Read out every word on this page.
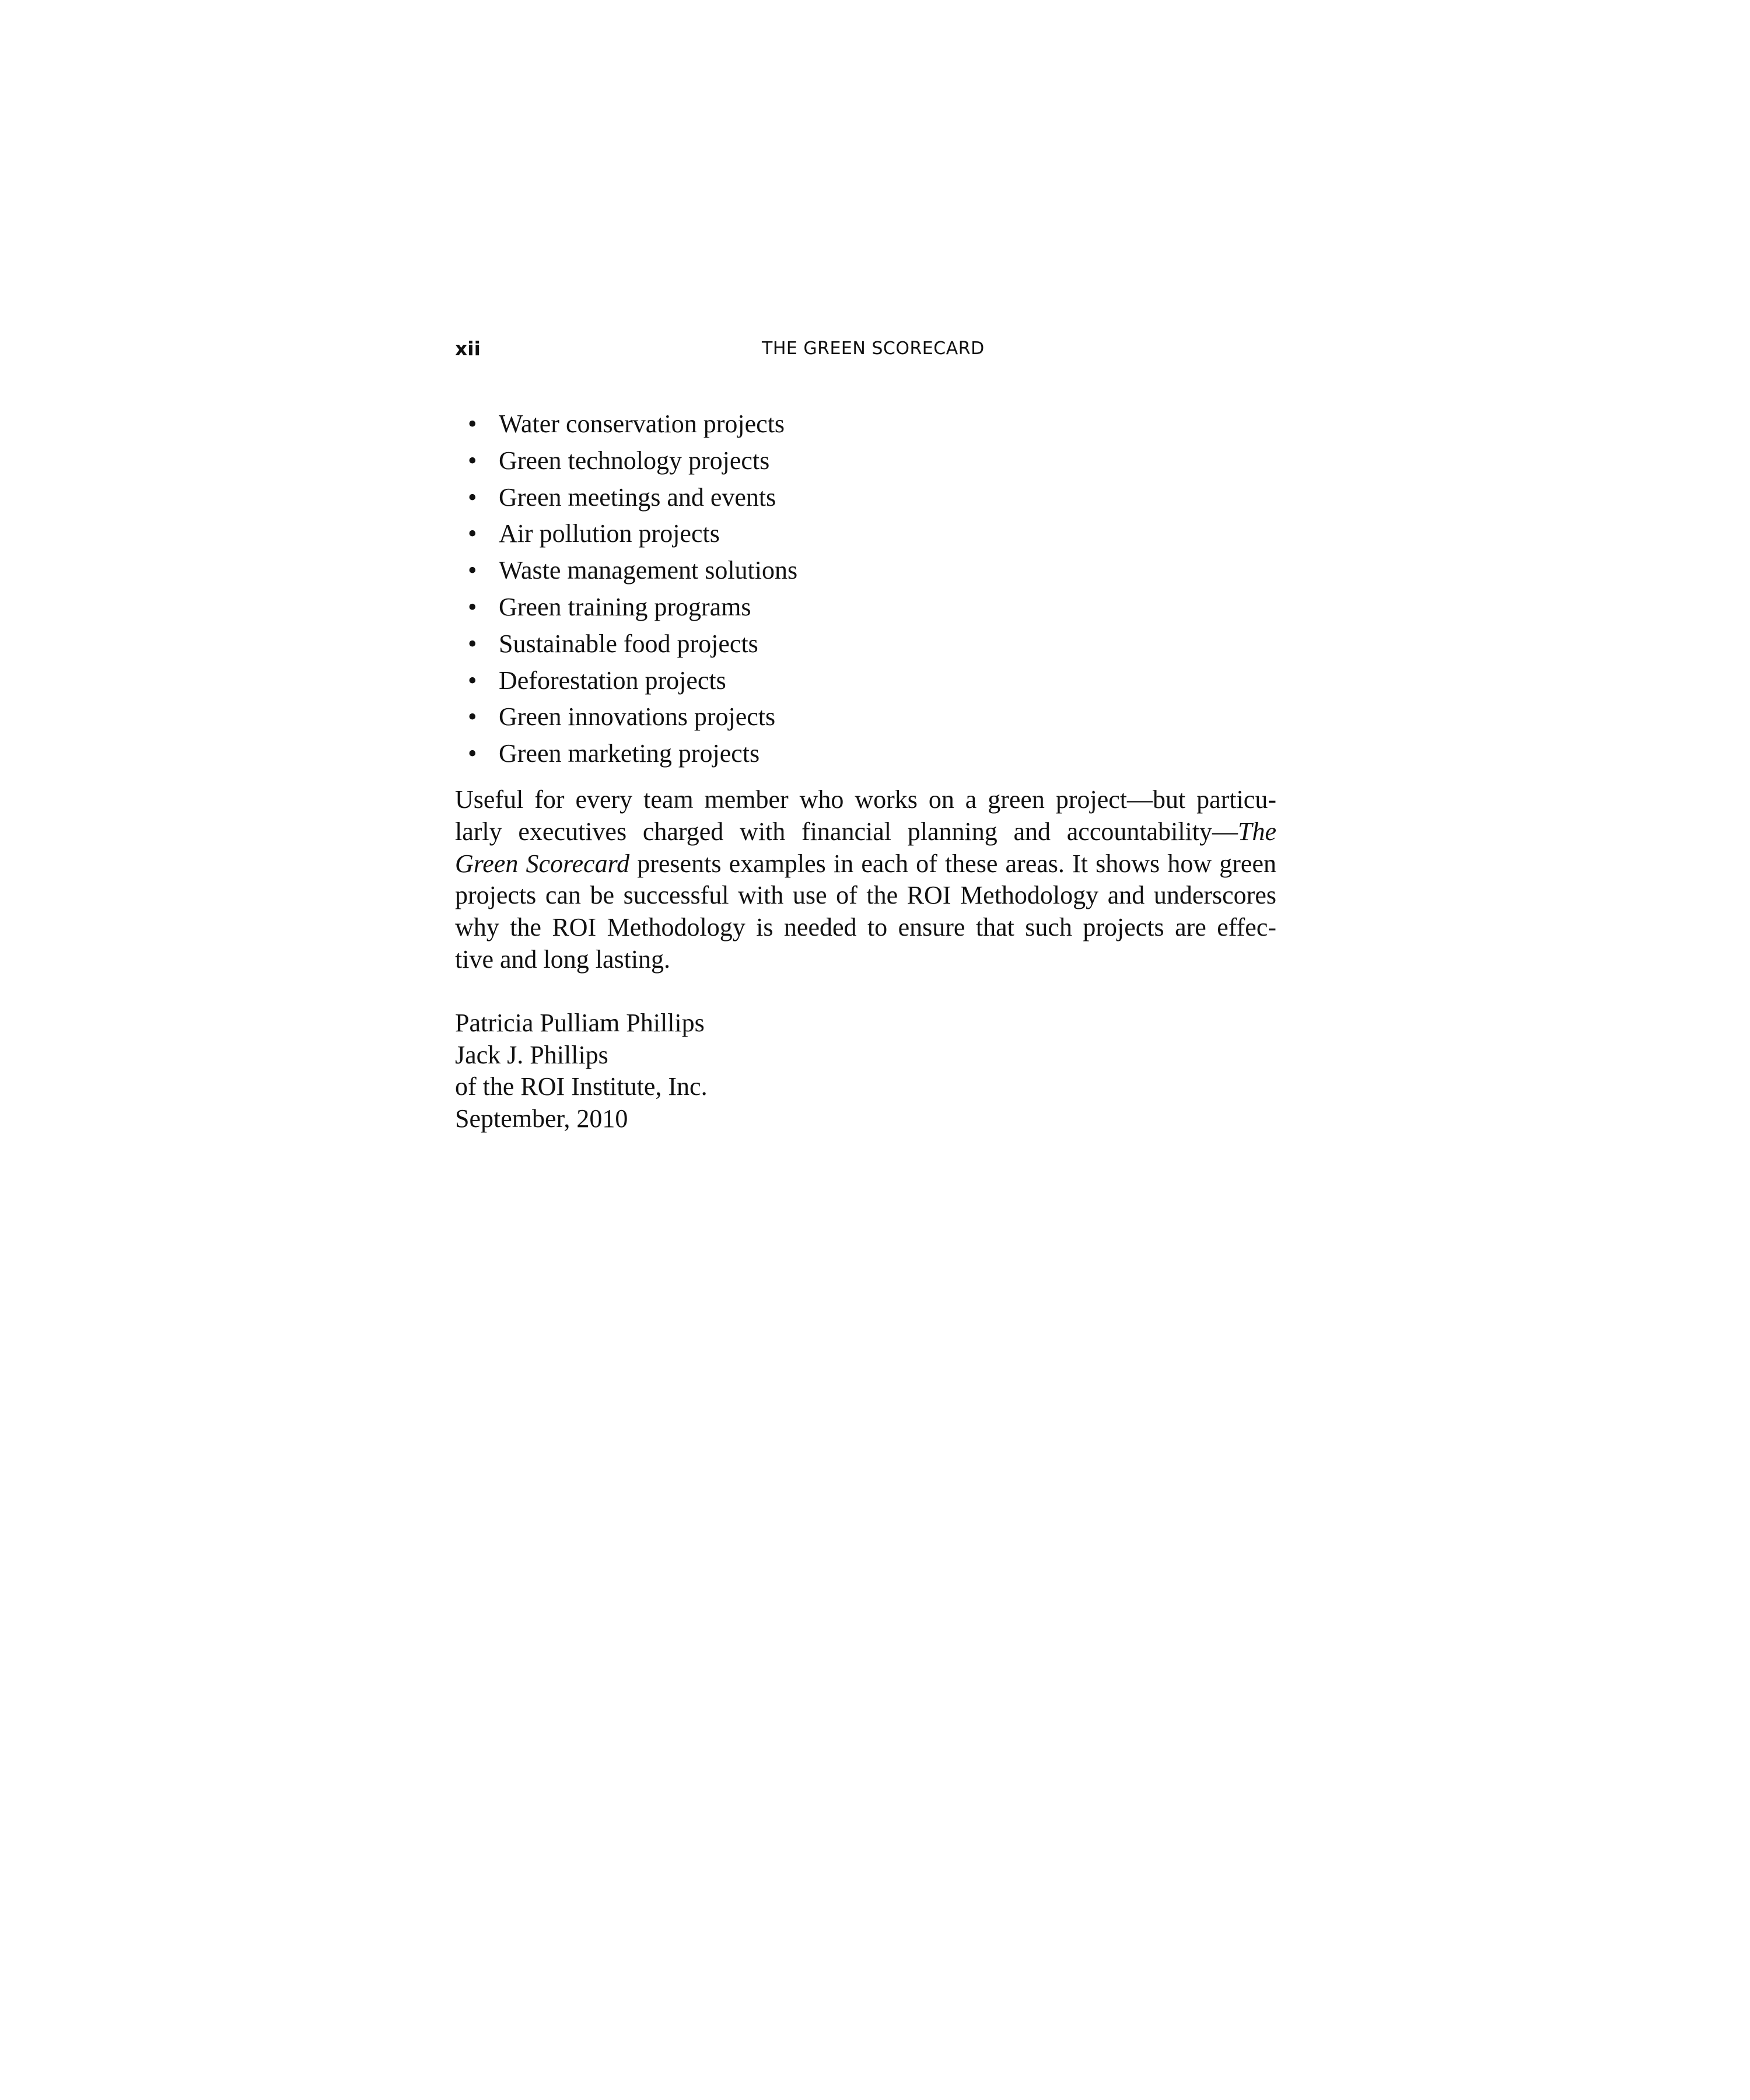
xii	THE GREEN SCORECARD
• Water conservation projects
• Green technology projects
• Green meetings and events
• Air pollution projects
• Waste management solutions
• Green training programs
• Sustainable food projects
• Deforestation projects
• Green innovations projects
• Green marketing projects

Useful for every team member who works on a green project—but particu-
larly executives charged with financial planning and accountability—The
Green Scorecard presents examples in each of these areas. It shows how green
projects can be successful with use of the ROI Methodology and underscores
why the ROI Methodology is needed to ensure that such projects are effec-
tive and long lasting.

Patricia Pulliam Phillips
Jack J. Phillips
of the ROI Institute, Inc.
September, 2010
